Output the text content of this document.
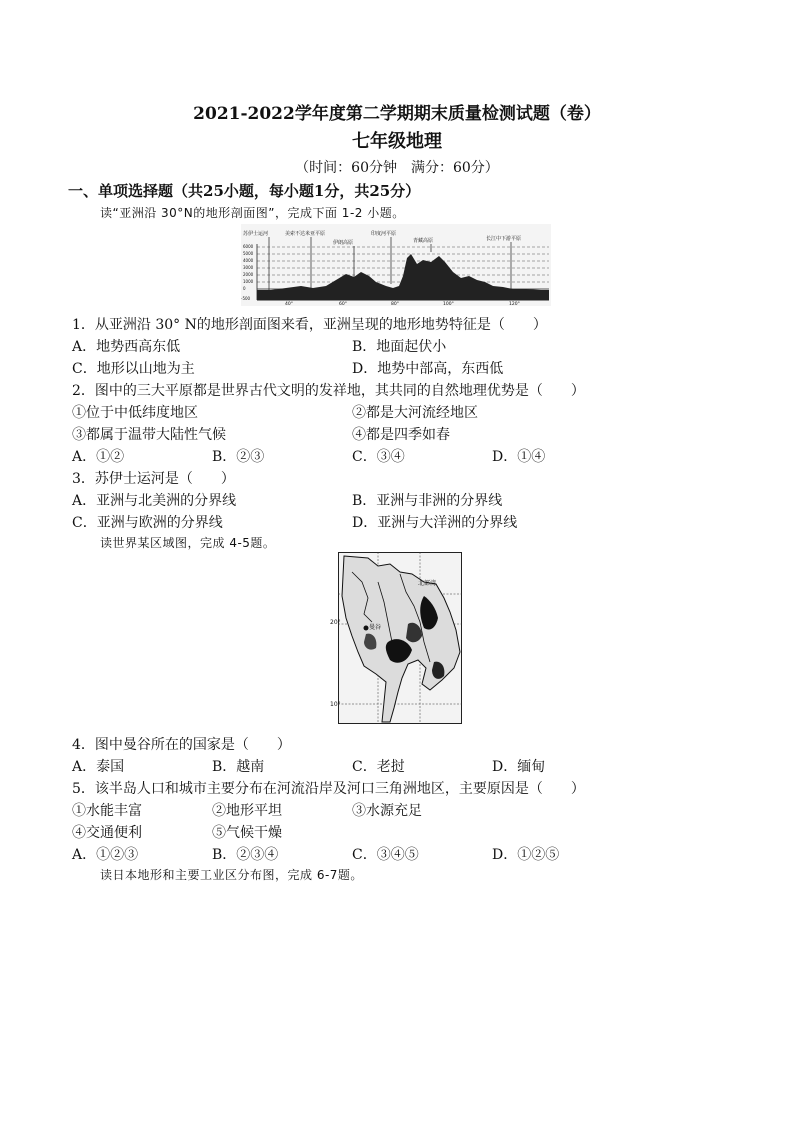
2021-2022学年度第二学期期末质量检测试题（卷）
七年级地理
（时间：60分钟　满分：60分）
一、单项选择题（共25小题，每小题1分，共25分）
读“亚洲沿 30°N的地形剖面图”，完成下面 1-2 小题。
苏伊士运河	美索不达米亚平原
伊朗高原
印度河平原
青藏高原	长江中下游平原
6000
5000
4000
3000
2000
1000
0
-500
40°	60°	80°	100°	120°
1．从亚洲沿 30° N的地形剖面图来看，亚洲呈现的地形地势特征是（　　）
A．地势西高东低	B．地面起伏小
C．地形以山地为主	D．地势中部高，东西低
2．图中的三大平原都是世界古代文明的发祥地，其共同的自然地理优势是（　　）
①位于中低纬度地区	②都是大河流经地区
③都属于温带大陆性气候	④都是四季如春
A．①②	B．②③	C．③④	D．①④
3．苏伊士运河是（　　）
A．亚洲与北美洲的分界线	B．亚洲与非洲的分界线
C．亚洲与欧洲的分界线	D．亚洲与大洋洲的分界线
读世界某区域图，完成 4-5题。
北部湾
曼谷
20°
10°
4．图中曼谷所在的国家是（　　）
A．泰国	B．越南	C．老挝	D．缅甸
5．该半岛人口和城市主要分布在河流沿岸及河口三角洲地区，主要原因是（　　）
①水能丰富	②地形平坦	③水源充足
④交通便利	⑤气候干燥
A．①②③	B．②③④	C．③④⑤	D．①②⑤
读日本地形和主要工业区分布图，完成 6-7题。
